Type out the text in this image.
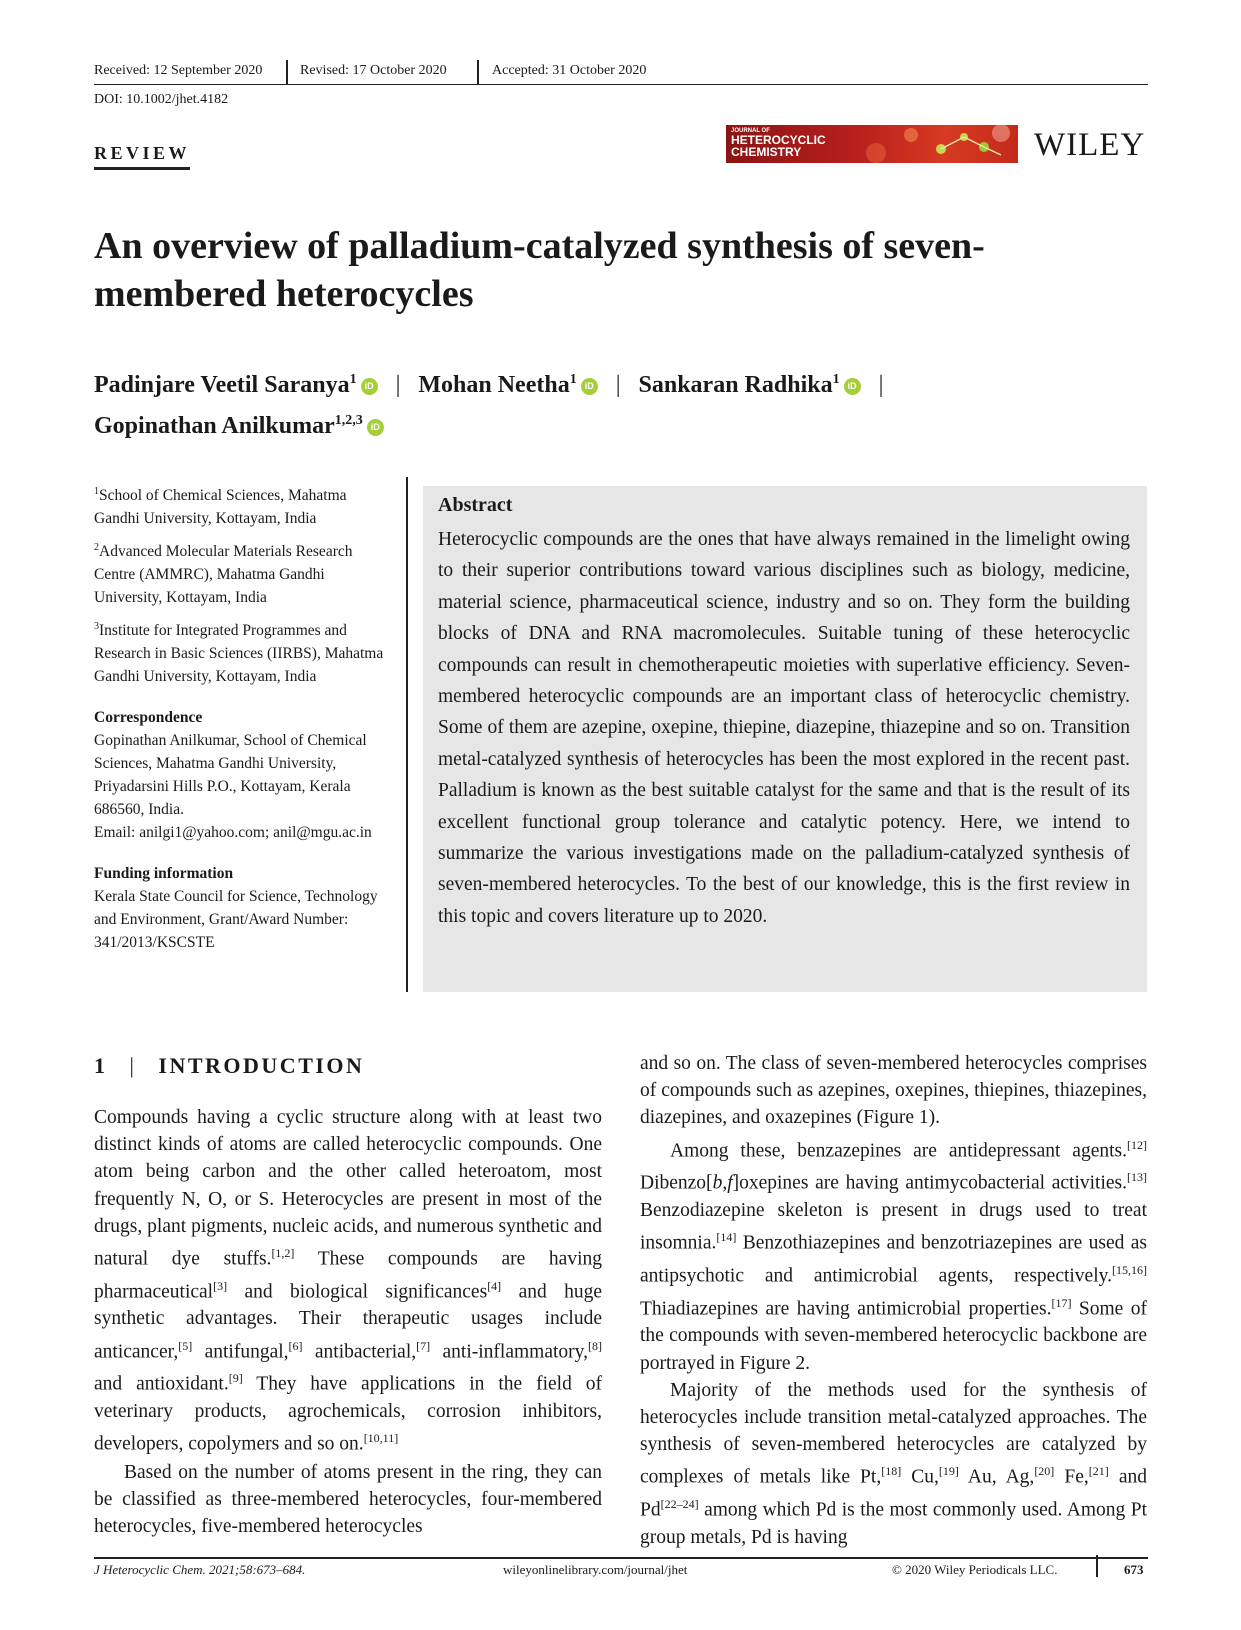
Received: 12 September 2020	Revised: 17 October 2020	Accepted: 31 October 2020
DOI: 10.1002/jhet.4182
REVIEW
JOURNAL OF
HETEROCYCLIC
CHEMISTRY	WILEY
An overview of palladium-catalyzed synthesis of seven-membered heterocycles
Padinjare Veetil Saranya$^1$ iD | Mohan Neetha$^1$ iD | Sankaran Radhika$^1$ iD |
Gopinathan Anilkumar$^{1,2,3}$ iD

$^1$School of Chemical Sciences, Mahatma Gandhi University, Kottayam, India

$^2$Advanced Molecular Materials Research Centre (AMMRC), Mahatma Gandhi University, Kottayam, India

$^3$Institute for Integrated Programmes and Research in Basic Sciences (IIRBS), Mahatma Gandhi University, Kottayam, India

Correspondence

Gopinathan Anilkumar, School of Chemical Sciences, Mahatma Gandhi University, Priyadarsini Hills P.O., Kottayam, Kerala 686560, India.

Email: anilgi1@yahoo.com; anil@mgu.ac.in

Funding information

Kerala State Council for Science, Technology and Environment, Grant/Award Number: 341/2013/KSCSTE

Abstract

Heterocyclic compounds are the ones that have always remained in the limelight owing to their superior contributions toward various disciplines such as biology, medicine, material science, pharmaceutical science, industry and so on. They form the building blocks of DNA and RNA macromolecules. Suitable tuning of these heterocyclic compounds can result in chemotherapeutic moieties with superlative efficiency. Seven-membered heterocyclic compounds are an important class of heterocyclic chemistry. Some of them are azepine, oxepine, thiepine, diazepine, thiazepine and so on. Transition metal-catalyzed synthesis of heterocycles has been the most explored in the recent past. Palladium is known as the best suitable catalyst for the same and that is the result of its excellent functional group tolerance and catalytic potency. Here, we intend to summarize the various investigations made on the palladium-catalyzed synthesis of seven-membered heterocycles. To the best of our knowledge, this is the first review in this topic and covers literature up to 2020.

1 | INTRODUCTION

Compounds having a cyclic structure along with at least two distinct kinds of atoms are called heterocyclic compounds. One atom being carbon and the other called heteroatom, most frequently N, O, or S. Heterocycles are present in most of the drugs, plant pigments, nucleic acids, and numerous synthetic and natural dye stuffs.[1,2] These compounds are having pharmaceutical[3] and biological significances[4] and huge synthetic advantages. Their therapeutic usages include anticancer,[5] antifungal,[6] antibacterial,[7] anti-inflammatory,[8] and antioxidant.[9] They have applications in the field of veterinary products, agrochemicals, corrosion inhibitors, developers, copolymers and so on.[10,11]

Based on the number of atoms present in the ring, they can be classified as three-membered heterocycles, four-membered heterocycles, five-membered heterocycles

and so on. The class of seven-membered heterocycles comprises of compounds such as azepines, oxepines, thiepines, thiazepines, diazepines, and oxazepines (Figure 1).

Among these, benzazepines are antidepressant agents.[12] Dibenzo[b,f]oxepines are having antimycobacterial activities.[13] Benzodiazepine skeleton is present in drugs used to treat insomnia.[14] Benzothiazepines and benzotriazepines are used as antipsychotic and antimicrobial agents, respectively.[15,16] Thiadiazepines are having antimicrobial properties.[17] Some of the compounds with seven-membered heterocyclic backbone are portrayed in Figure 2.

Majority of the methods used for the synthesis of heterocycles include transition metal-catalyzed approaches. The synthesis of seven-membered heterocycles are catalyzed by complexes of metals like Pt,[18] Cu,[19] Au, Ag,[20] Fe,[21] and Pd[22–24] among which Pd is the most commonly used. Among Pt group metals, Pd is having

J Heterocyclic Chem. 2021;58:673–684.	wileyonlinelibrary.com/journal/jhet	© 2020 Wiley Periodicals LLC.	673
